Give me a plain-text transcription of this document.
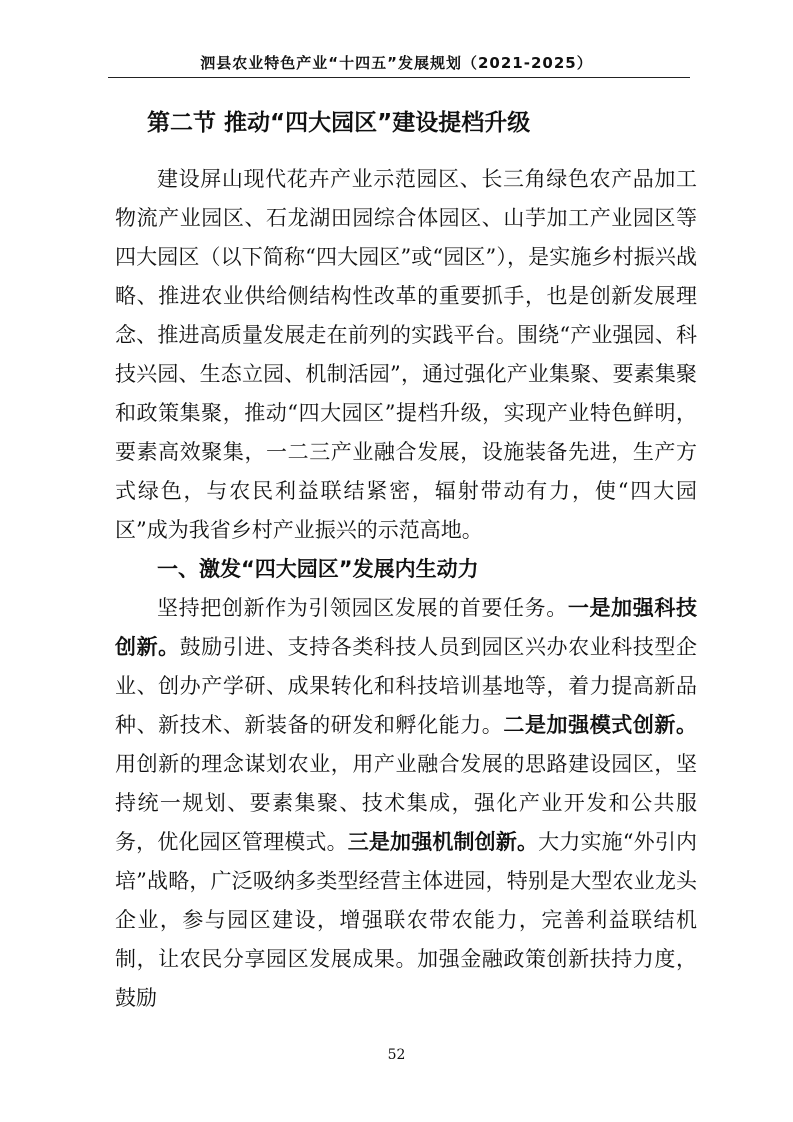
泗县农业特色产业“十四五”发展规划（2021-2025）
第二节 推动“四大园区”建设提档升级

建设屏山现代花卉产业示范园区、长三角绿色农产品加工物流产业园区、石龙湖田园综合体园区、山芋加工产业园区等四大园区（以下简称“四大园区”或“园区”），是实施乡村振兴战略、推进农业供给侧结构性改革的重要抓手，也是创新发展理念、推进高质量发展走在前列的实践平台。围绕“产业强园、科技兴园、生态立园、机制活园”，通过强化产业集聚、要素集聚和政策集聚，推动“四大园区”提档升级，实现产业特色鲜明，要素高效聚集，一二三产业融合发展，设施装备先进，生产方式绿色，与农民利益联结紧密，辐射带动有力，使“四大园区”成为我省乡村产业振兴的示范高地。

一、激发“四大园区”发展内生动力

坚持把创新作为引领园区发展的首要任务。一是加强科技创新。鼓励引进、支持各类科技人员到园区兴办农业科技型企业、创办产学研、成果转化和科技培训基地等，着力提高新品种、新技术、新装备的研发和孵化能力。二是加强模式创新。用创新的理念谋划农业，用产业融合发展的思路建设园区，坚持统一规划、要素集聚、技术集成，强化产业开发和公共服务，优化园区管理模式。三是加强机制创新。大力实施“外引内培”战略，广泛吸纳多类型经营主体进园，特别是大型农业龙头企业，参与园区建设，增强联农带农能力，完善利益联结机制，让农民分享园区发展成果。加强金融政策创新扶持力度，鼓励

52
